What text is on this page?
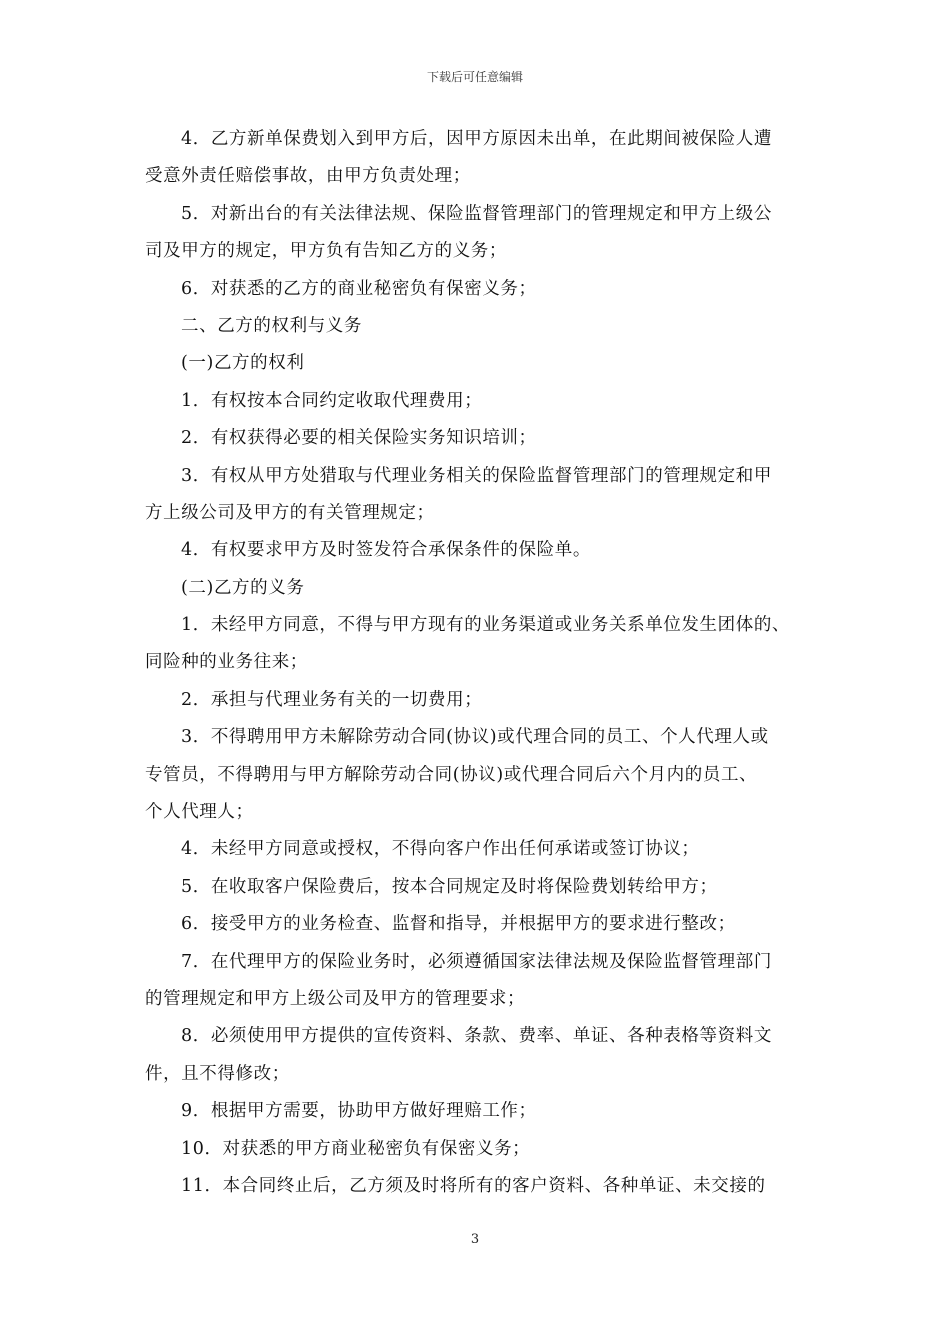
下载后可任意编辑
4．乙方新单保费划入到甲方后，因甲方原因未出单，在此期间被保险人遭
受意外责任赔偿事故，由甲方负责处理；
5．对新出台的有关法律法规、保险监督管理部门的管理规定和甲方上级公
司及甲方的规定，甲方负有告知乙方的义务；
6．对获悉的乙方的商业秘密负有保密义务；
二、乙方的权利与义务
(一)乙方的权利
1．有权按本合同约定收取代理费用；
2．有权获得必要的相关保险实务知识培训；
3．有权从甲方处猎取与代理业务相关的保险监督管理部门的管理规定和甲
方上级公司及甲方的有关管理规定；
4．有权要求甲方及时签发符合承保条件的保险单。
(二)乙方的义务
1．未经甲方同意，不得与甲方现有的业务渠道或业务关系单位发生团体的、
同险种的业务往来；
2．承担与代理业务有关的一切费用；
3．不得聘用甲方未解除劳动合同(协议)或代理合同的员工、个人代理人或
专管员，不得聘用与甲方解除劳动合同(协议)或代理合同后六个月内的员工、
个人代理人；
4．未经甲方同意或授权，不得向客户作出任何承诺或签订协议；
5．在收取客户保险费后，按本合同规定及时将保险费划转给甲方；
6．接受甲方的业务检查、监督和指导，并根据甲方的要求进行整改；
7．在代理甲方的保险业务时，必须遵循国家法律法规及保险监督管理部门
的管理规定和甲方上级公司及甲方的管理要求；
8．必须使用甲方提供的宣传资料、条款、费率、单证、各种表格等资料文
件，且不得修改；
9．根据甲方需要，协助甲方做好理赔工作；
10．对获悉的甲方商业秘密负有保密义务；
11．本合同终止后，乙方须及时将所有的客户资料、各种单证、未交接的
3
